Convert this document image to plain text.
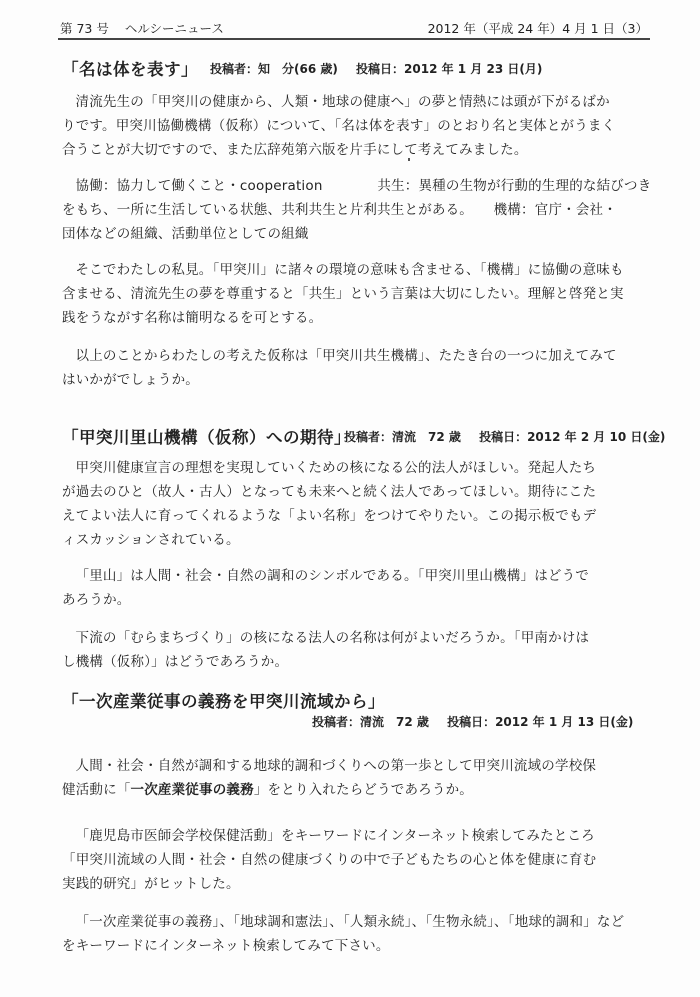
第 73 号 ヘルシーニュース	2012 年（平成 24 年）4 月 1 日（3）
「名は体を表す」 投稿者：知　分(66 歳) 投稿日：2012 年 1 月 23 日(月)
清流先生の「甲突川の健康から、人類・地球の健康へ」の夢と情熱には頭が下がるばか
りです。甲突川協働機構（仮称）について、「名は体を表す」のとおり名と実体とがうまく
合うことが大切ですので、また広辞苑第六版を片手にして考えてみました。
協働：協力して働くこと・cooperation　　　　共生：異種の生物が行動的生理的な結びつき
をもち、一所に生活している状態、共利共生と片利共生とがある。　　機構：官庁・会社・
団体などの組織、活動単位としての組織
そこでわたしの私見。「甲突川」に諸々の環境の意味も含ませる、「機構」に協働の意味も
含ませる、清流先生の夢を尊重すると「共生」という言葉は大切にしたい。理解と啓発と実
践をうながす名称は簡明なるを可とする。
以上のことからわたしの考えた仮称は「甲突川共生機構」、たたき台の一つに加えてみて
はいかがでしょうか。
「甲突川里山機構（仮称）への期待」
投稿者：清流　72 歳 投稿日：2012 年 2 月 10 日(金)
甲突川健康宣言の理想を実現していくための核になる公的法人がほしい。発起人たち
が過去のひと（故人・古人）となっても未来へと続く法人であってほしい。期待にこた
えてよい法人に育ってくれるような「よい名称」をつけてやりたい。この掲示板でもデ
ィスカッションされている。
「里山」は人間・社会・自然の調和のシンボルである。「甲突川里山機構」はどうで
あろうか。
下流の「むらまちづくり」の核になる法人の名称は何がよいだろうか。「甲南かけは
し機構（仮称）」はどうであろうか。
「一次産業従事の義務を甲突川流域から」
投稿者：清流　72 歳 投稿日：2012 年 1 月 13 日(金)
人間・社会・自然が調和する地球的調和づくりへの第一歩として甲突川流域の学校保
健活動に「一次産業従事の義務」をとり入れたらどうであろうか。
「鹿児島市医師会学校保健活動」をキーワードにインターネット検索してみたところ
「甲突川流域の人間・社会・自然の健康づくりの中で子どもたちの心と体を健康に育む
実践的研究」がヒットした。
「一次産業従事の義務」、「地球調和憲法」、「人類永続」、「生物永続」、「地球的調和」など
をキーワードにインターネット検索してみて下さい。
